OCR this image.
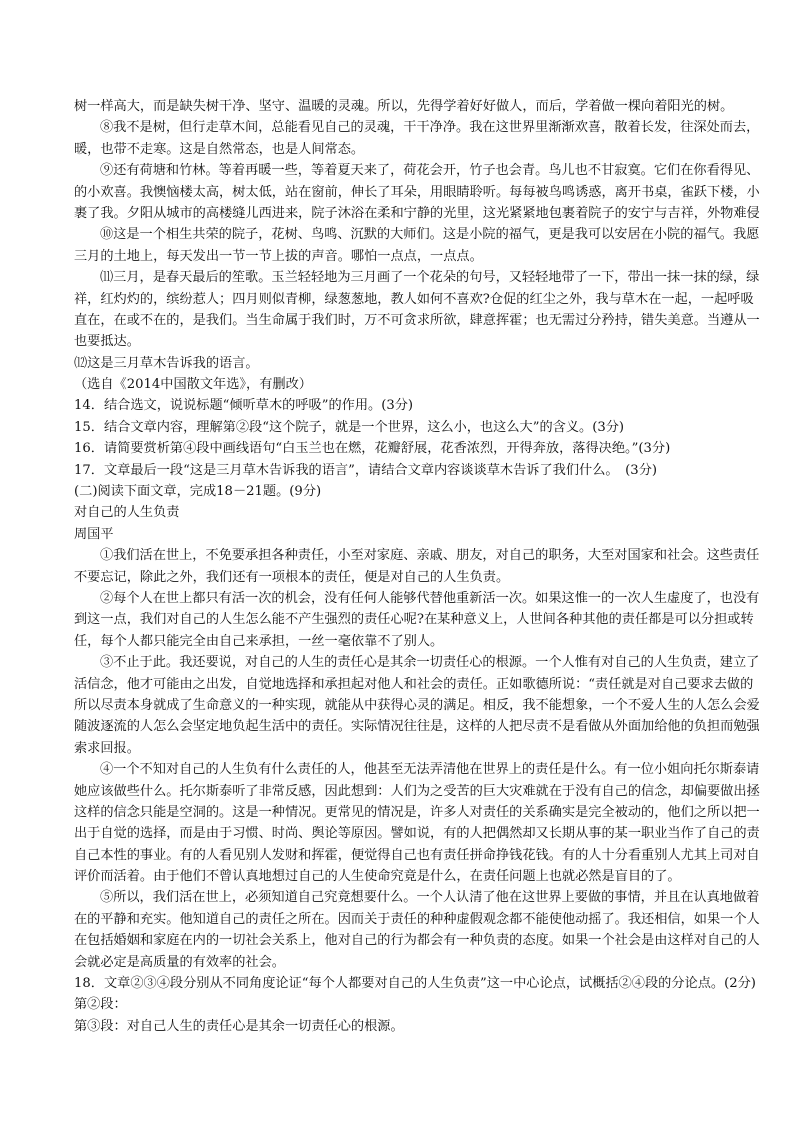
树一样高大，而是缺失树干净、坚守、温暖的灵魂。所以，先得学着好好做人，而后，学着做一棵向着阳光的树。
⑧我不是树，但行走草木间，总能看见自己的灵魂，干干净净。我在这世界里渐渐欢喜，散着长发，往深处而去，
暖，也带不走寒。这是自然常态，也是人间常态。
⑨还有荷塘和竹林。等着再暖一些，等着夏天来了，荷花会开，竹子也会青。鸟儿也不甘寂寞。它们在你看得见、
的小欢喜。我懊恼楼太高，树太低，站在窗前，伸长了耳朵，用眼睛聆听。每每被鸟鸣诱惑，离开书桌，雀跃下楼，小
裹了我。夕阳从城市的高楼缝儿西进来，院子沐浴在柔和宁静的光里，这光紧紧地包裹着院子的安宁与吉祥，外物难侵
⑩这是一个相生共荣的院子，花树、鸟鸣、沉默的大师们。这是小院的福气，更是我可以安居在小院的福气。我愿
三月的土地上，每天发出一节一节上拔的声音。哪怕一点点，一点点。
⑾三月，是春天最后的笙歌。玉兰轻轻地为三月画了一个花朵的句号，又轻轻地带了一下，带出一抹一抹的绿，绿
祥，红灼灼的，缤纷惹人；四月则似青柳，绿葱葱地，教人如何不喜欢?仓促的红尘之外，我与草木在一起，一起呼吸
直在，在或不在的，是我们。当生命属于我们时，万不可贪求所欲，肆意挥霍；也无需过分矜持，错失美意。当遵从一
也要抵达。
⑿这是三月草木告诉我的语言。
（选自《2014中国散文年选》，有删改）
14．结合选文，说说标题“倾听草木的呼吸”的作用。(3分)
15．结合文章内容，理解第②段“这个院子，就是一个世界，这么小，也这么大”的含义。(3分)
16．请简要赏析第④段中画线语句“白玉兰也在燃，花瓣舒展，花香浓烈，开得奔放，落得决绝。”(3分)
17．文章最后一段“这是三月草木告诉我的语言”，请结合文章内容谈谈草木告诉了我们什么。　(3分)
(二)阅读下面文章，完成18－21题。(9分)
对自己的人生负责
周国平
①我们活在世上，不免要承担各种责任，小至对家庭、亲戚、朋友，对自己的职务，大至对国家和社会。这些责任
不要忘记，除此之外，我们还有一项根本的责任，便是对自己的人生负责。
②每个人在世上都只有活一次的机会，没有任何人能够代替他重新活一次。如果这惟一的一次人生虚度了，也没有
到这一点，我们对自己的人生怎么能不产生强烈的责任心呢?在某种意义上，人世间各种其他的责任都是可以分担或转
任，每个人都只能完全由自己来承担，一丝一毫依靠不了别人。
③不止于此。我还要说，对自己的人生的责任心是其余一切责任心的根源。一个人惟有对自己的人生负责，建立了
活信念，他才可能由之出发，自觉地选择和承担起对他人和社会的责任。正如歌德所说：“责任就是对自己要求去做的
所以尽责本身就成了生命意义的一种实现，就能从中获得心灵的满足。相反，我不能想象，一个不爱人生的人怎么会爱
随波逐流的人怎么会坚定地负起生活中的责任。实际情况往往是，这样的人把尽责不是看做从外面加给他的负担而勉强
索求回报。
④一个不知对自己的人生负有什么责任的人，他甚至无法弄清他在世界上的责任是什么。有一位小姐向托尔斯泰请
她应该做些什么。托尔斯泰听了非常反感，因此想到：人们为之受苦的巨大灾难就在于没有自己的信念，却偏要做出拯
这样的信念只能是空洞的。这是一种情况。更常见的情况是，许多人对责任的关系确实是完全被动的，他们之所以把一
出于自觉的选择，而是由于习惯、时尚、舆论等原因。譬如说，有的人把偶然却又长期从事的某一职业当作了自己的责
自己本性的事业。有的人看见别人发财和挥霍，便觉得自己也有责任拼命挣钱花钱。有的人十分看重别人尤其上司对自
评价而活着。由于他们不曾认真地想过自己的人生使命究竟是什么，在责任问题上也就必然是盲目的了。
⑤所以，我们活在世上，必须知道自己究竟想要什么。一个人认清了他在这世界上要做的事情，并且在认真地做着
在的平静和充实。他知道自己的责任之所在。因而关于责任的种种虚假观念都不能使他动摇了。我还相信，如果一个人
在包括婚姻和家庭在内的一切社会关系上，他对自己的行为都会有一种负责的态度。如果一个社会是由这样对自己的人
会就必定是高质量的有效率的社会。
18．文章②③④段分别从不同角度论证“每个人都要对自己的人生负责”这一中心论点，试概括②④段的分论点。(2分)
第②段：
第③段：对自己人生的责任心是其余一切责任心的根源。
